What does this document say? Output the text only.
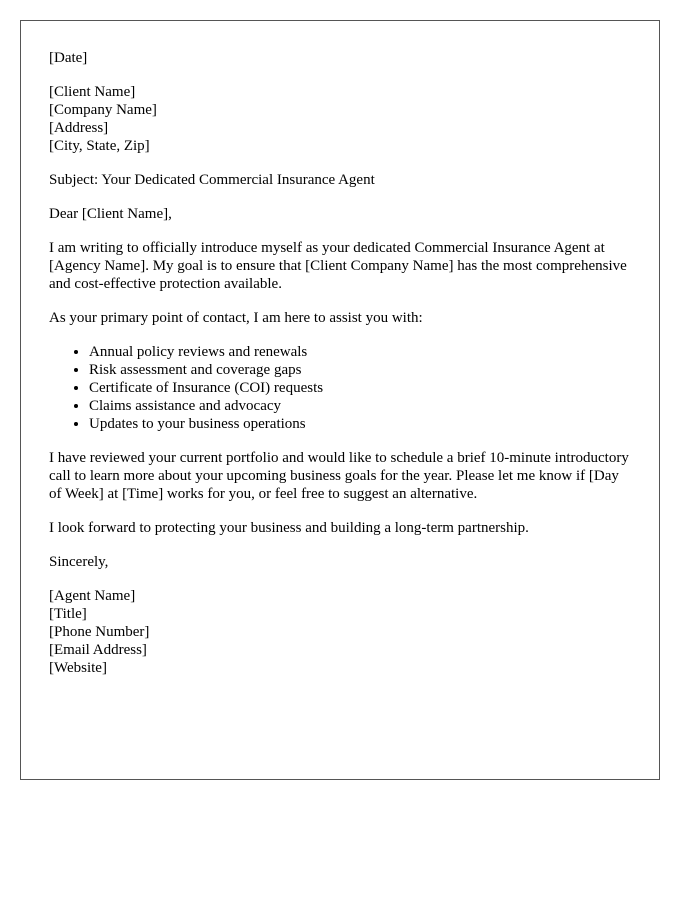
[Date]
[Client Name]
[Company Name]
[Address]
[City, State, Zip]

Subject: Your Dedicated Commercial Insurance Agent

Dear [Client Name],

I am writing to officially introduce myself as your dedicated Commercial Insurance Agent at [Agency Name]. My goal is to ensure that [Client Company Name] has the most comprehensive and cost-effective protection available.

As your primary point of contact, I am here to assist you with:

• Annual policy reviews and renewals
• Risk assessment and coverage gaps
• Certificate of Insurance (COI) requests
• Claims assistance and advocacy
• Updates to your business operations

I have reviewed your current portfolio and would like to schedule a brief 10-minute introductory call to learn more about your upcoming business goals for the year. Please let me know if [Day of Week] at [Time] works for you, or feel free to suggest an alternative.

I look forward to protecting your business and building a long-term partnership.

Sincerely,

[Agent Name]
[Title]
[Phone Number]
[Email Address]
[Website]
